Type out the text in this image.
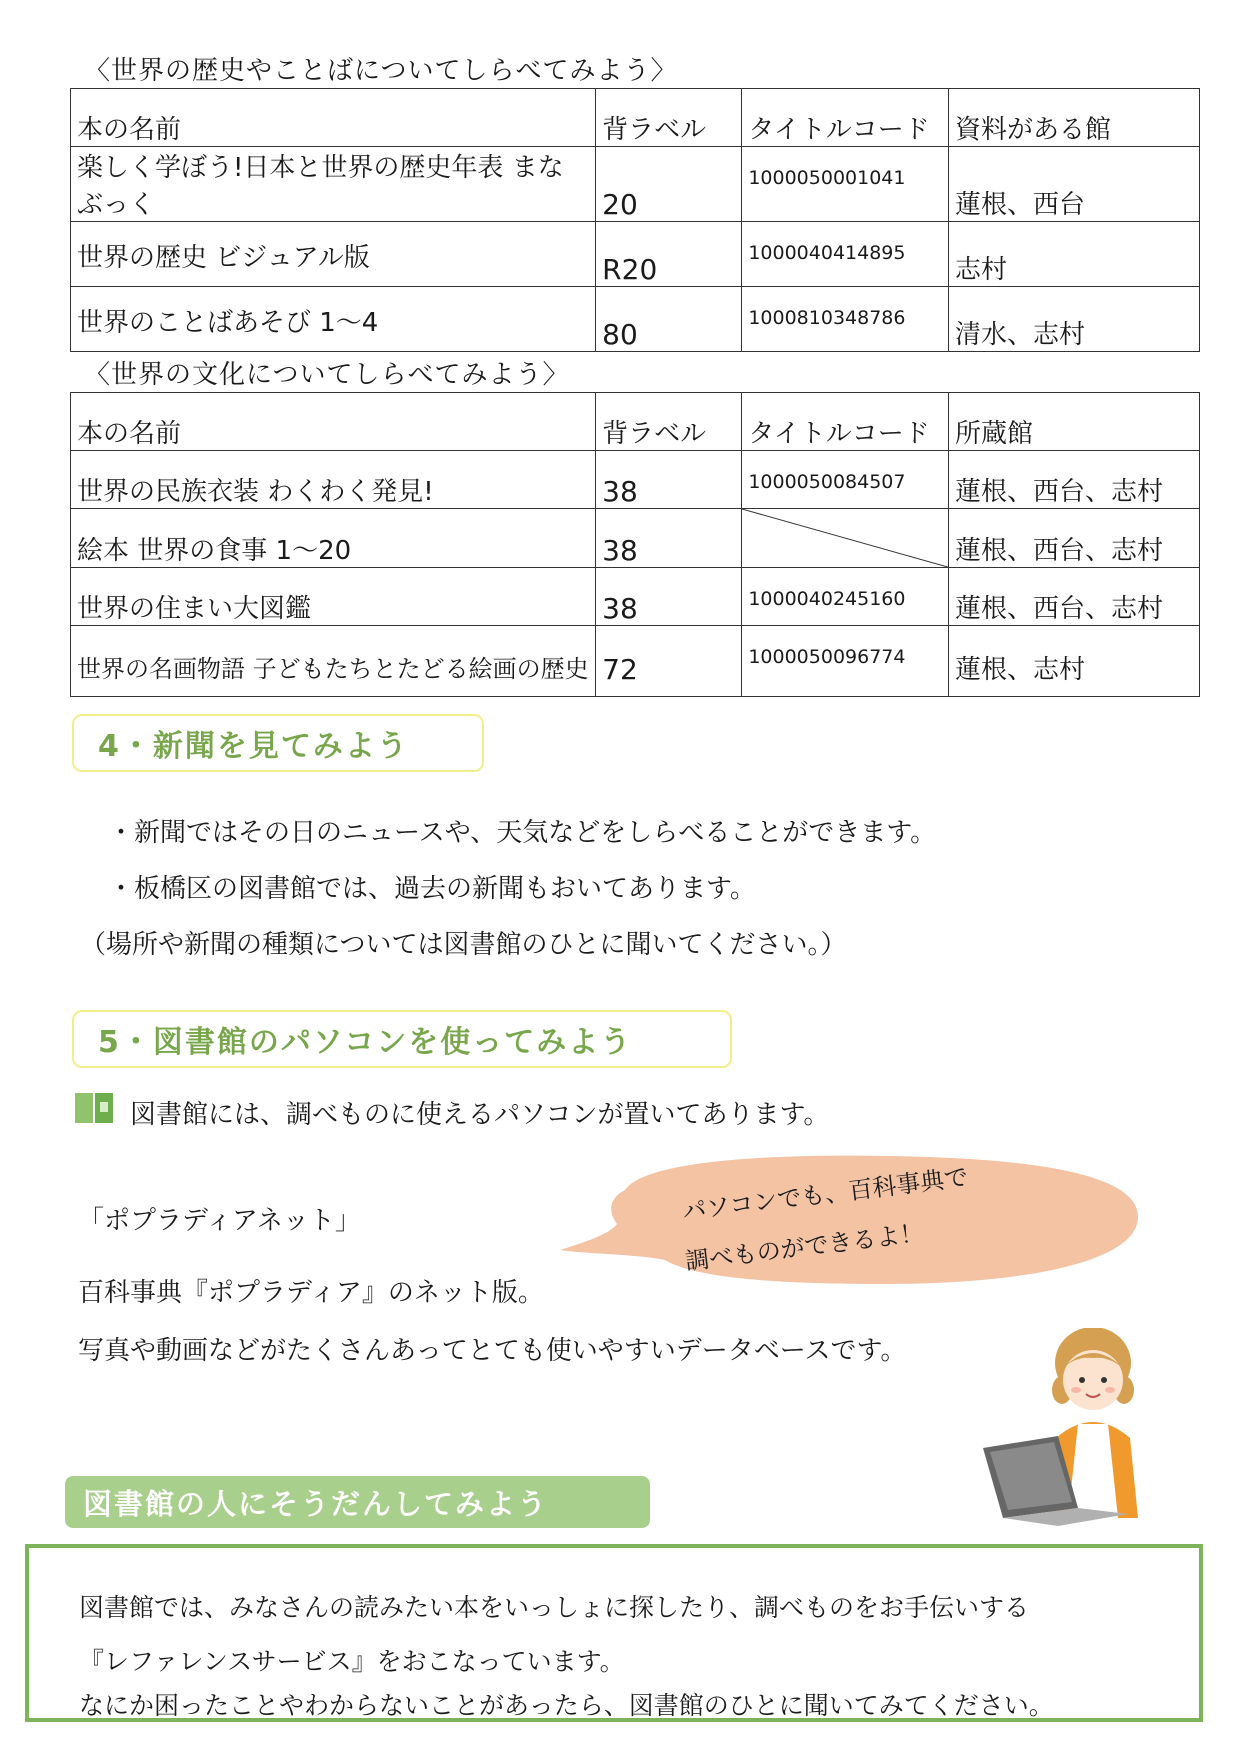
〈世界の歴史やことばについてしらべてみよう〉
本の名前	背ラベル	タイトルコード	資料がある館
楽しく学ぼう!日本と世界の歴史年表 まなぶっく	20	1000050001041	蓮根、西台
世界の歴史 ビジュアル版	R20	1000040414895	志村
世界のことばあそび 1～4	80	1000810348786	清水、志村
〈世界の文化についてしらべてみよう〉
本の名前	背ラベル	タイトルコード	所蔵館
世界の民族衣装 わくわく発見!	38	1000050084507	蓮根、西台、志村
絵本 世界の食事 1～20	38		蓮根、西台、志村
世界の住まい大図鑑	38	1000040245160	蓮根、西台、志村
世界の名画物語 子どもたちとたどる絵画の歴史	72	1000050096774	蓮根、志村
4・新聞を見てみよう
・新聞ではその日のニュースや、天気などをしらべることができます。
・板橋区の図書館では、過去の新聞もおいてあります。
（場所や新聞の種類については図書館のひとに聞いてください。）
5・図書館のパソコンを使ってみよう
図書館には、調べものに使えるパソコンが置いてあります。
パソコンでも、百科事典で
調べものができるよ！
「ポプラディアネット」
百科事典『ポプラディア』のネット版。
写真や動画などがたくさんあってとても使いやすいデータベースです。
図書館の人にそうだんしてみよう
図書館では、みなさんの読みたい本をいっしょに探したり、調べものをお手伝いする
『レファレンスサービス』をおこなっています。
なにか困ったことやわからないことがあったら、図書館のひとに聞いてみてください。
